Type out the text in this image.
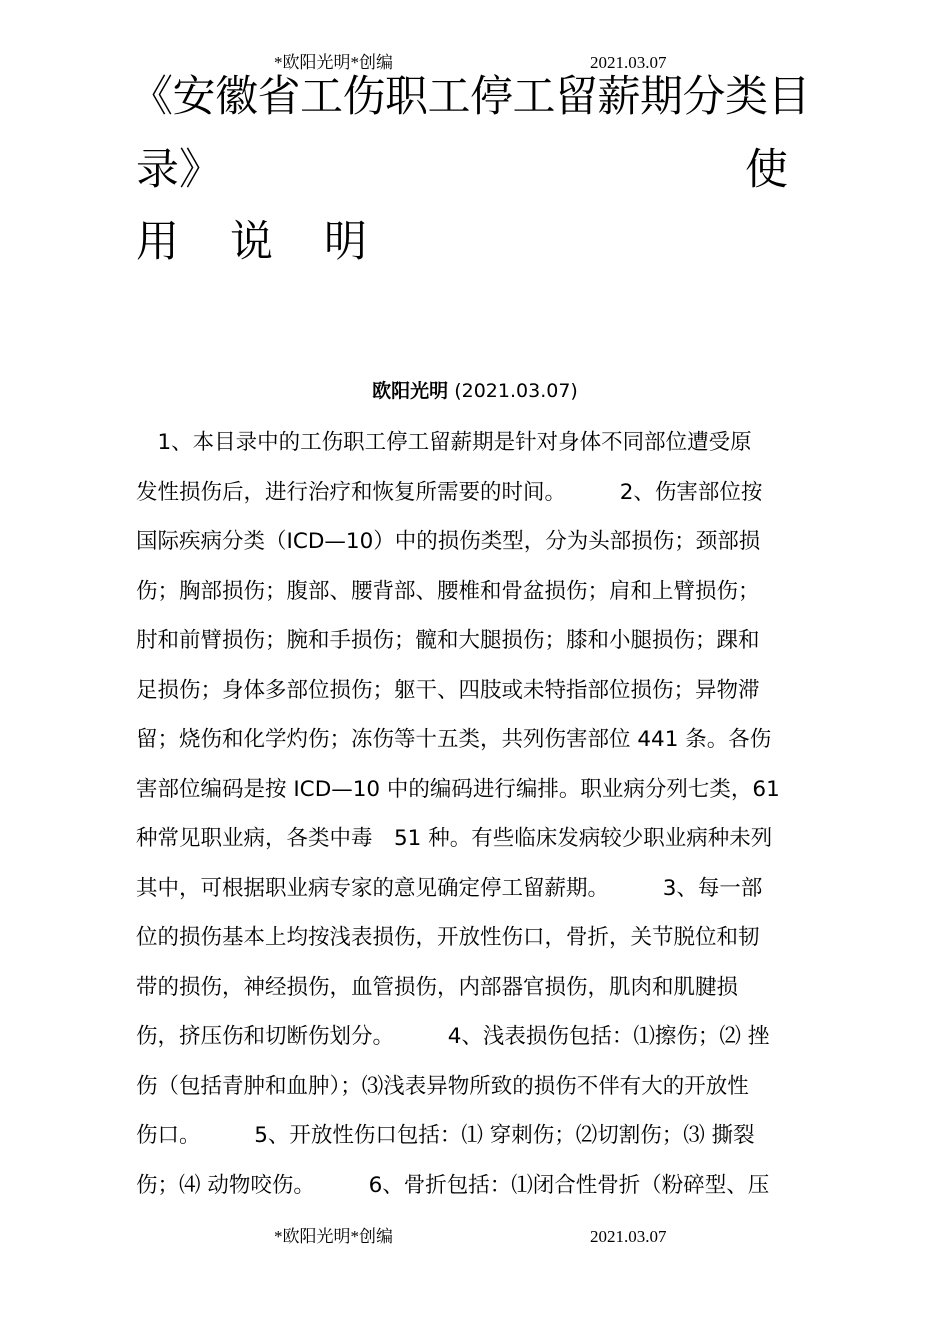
*欧阳光明*创编	2021.03.07
《安徽省工伤职工停工留薪期分类目
录》	使
用　说　明
欧阳光明 (2021.03.07)
　1、本目录中的工伤职工停工留薪期是针对身体不同部位遭受原
发性损伤后，进行治疗和恢复所需要的时间。　　　2、伤害部位按
国际疾病分类（ICD—10）中的损伤类型，分为头部损伤；颈部损
伤；胸部损伤；腹部、腰背部、腰椎和骨盆损伤；肩和上臂损伤；
肘和前臂损伤；腕和手损伤；髋和大腿损伤；膝和小腿损伤；踝和
足损伤；身体多部位损伤；躯干、四肢或未特指部位损伤；异物滞
留；烧伤和化学灼伤；冻伤等十五类，共列伤害部位 441 条。各伤
害部位编码是按 ICD—10 中的编码进行编排。职业病分列七类，61
种常见职业病，各类中毒　51 种。有些临床发病较少职业病种未列
其中，可根据职业病专家的意见确定停工留薪期。　　　3、每一部
位的损伤基本上均按浅表损伤，开放性伤口，骨折，关节脱位和韧
带的损伤，神经损伤，血管损伤，内部器官损伤，肌肉和肌腱损
伤，挤压伤和切断伤划分。　　　4、浅表损伤包括：⑴擦伤；⑵ 挫
伤（包括青肿和血肿）；⑶浅表异物所致的损伤不伴有大的开放性
伤口。　　　5、开放性伤口包括：⑴ 穿刺伤；⑵切割伤；⑶ 撕裂
伤；⑷ 动物咬伤。　　　6、骨折包括：⑴闭合性骨折（粉碎型、压
*欧阳光明*创编	2021.03.07
